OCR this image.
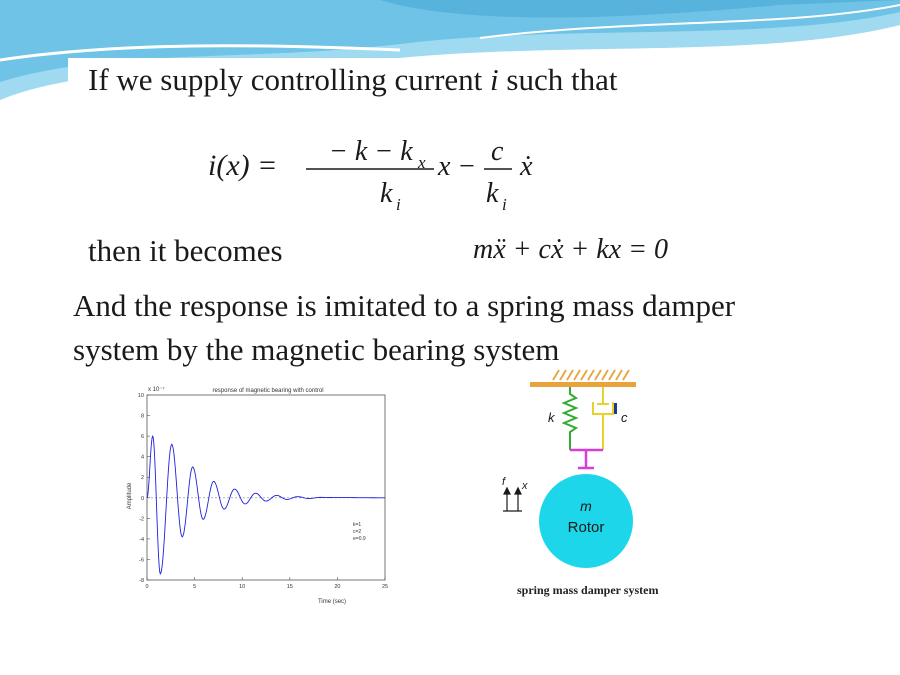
If we supply controlling current i such that
i(x) = − k − k x
k i
x − c
k i
ẋ
then it becomes	mẍ + cẋ + kx = 0
And the response is imitated to a spring mass damper
system by the magnetic bearing system
x 10⁻⁷	response of magnetic bearing with control
10
8
6
4
2
0
-2
-4
-6
-8
0	5	10	15	20	25
Time (sec)
Amplitude
k=1
c=2
e=0.9
k	c
m
Rotor
f x
spring mass damper system
